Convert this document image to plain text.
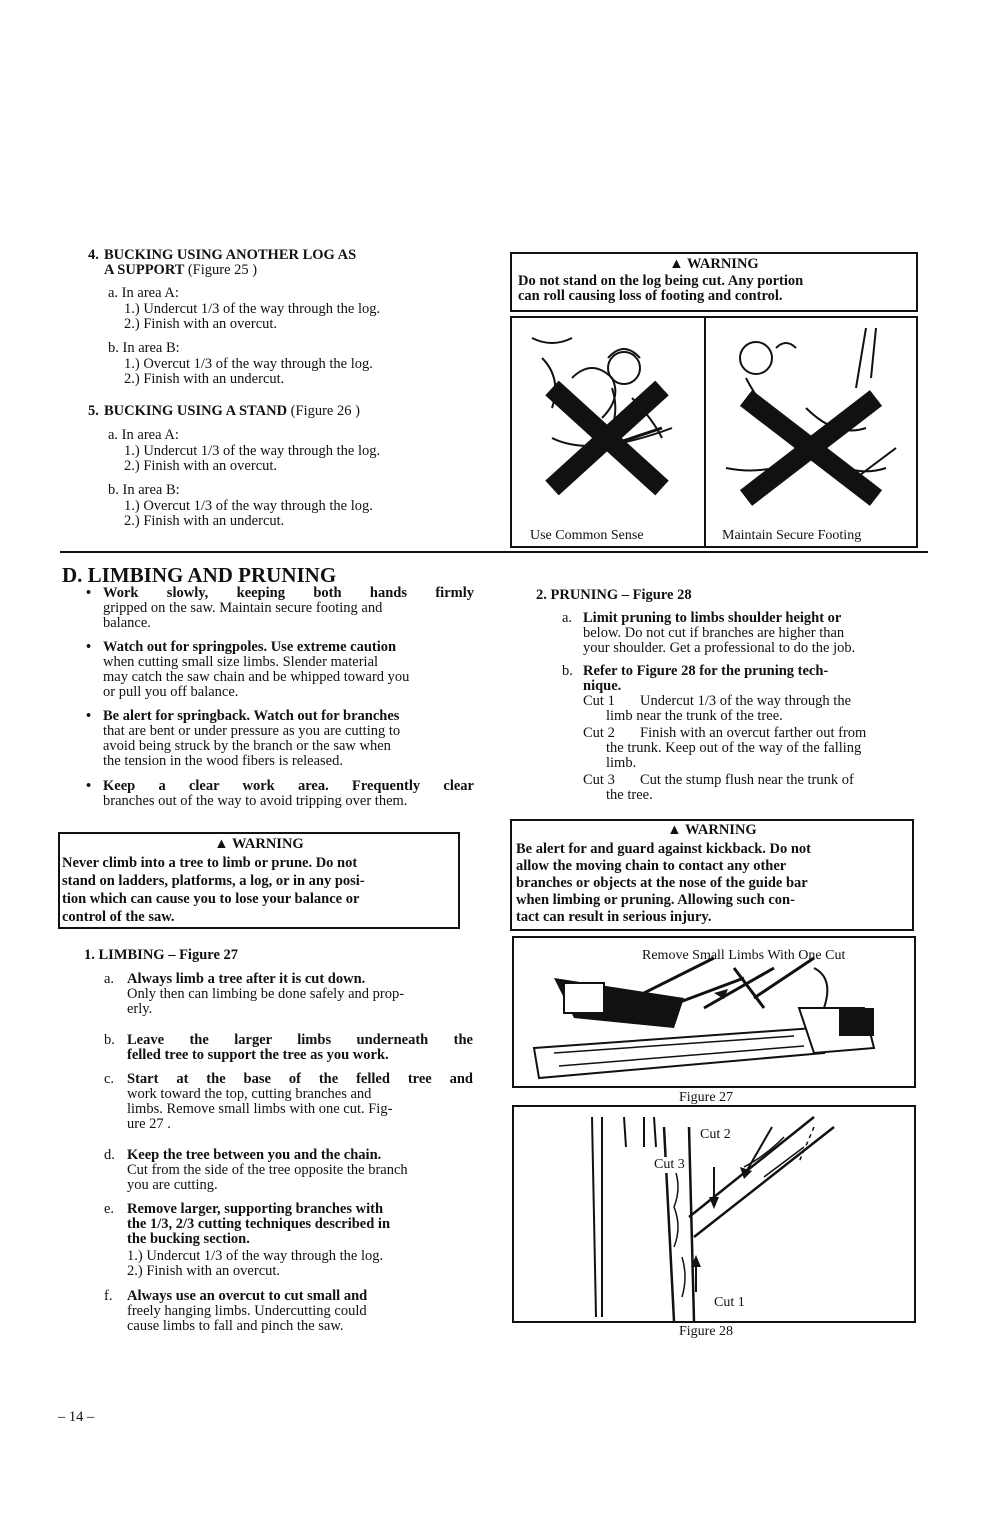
4. BUCKING USING ANOTHER LOG AS
A SUPPORT (Figure 25 )
a. In area A:
1.) Undercut 1/3 of the way through the log.
2.) Finish with an overcut.
b. In area B:
1.) Overcut 1/3 of the way through the log.
2.) Finish with an undercut.
5. BUCKING USING A STAND (Figure 26 )
a. In area A:
1.) Undercut 1/3 of the way through the log.
2.) Finish with an overcut.
b. In area B:
1.) Overcut 1/3 of the way through the log.
2.) Finish with an undercut.
▲ WARNING
Do not stand on the log being cut. Any portion
can roll causing loss of footing and control.
Use Common Sense	Maintain Secure Footing
D. LIMBING AND PRUNING
• Work slowly, keeping both hands firmly
gripped on the saw. Maintain secure footing and
balance.
• Watch out for springpoles. Use extreme caution
when cutting small size limbs. Slender material
may catch the saw chain and be whipped toward you
or pull you off balance.
• Be alert for springback. Watch out for branches
that are bent or under pressure as you are cutting to
avoid being struck by the branch or the saw when
the tension in the wood fibers is released.
• Keep a clear work area. Frequently clear
branches out of the way to avoid tripping over them.
▲ WARNING
Never climb into a tree to limb or prune. Do not
stand on ladders, platforms, a log, or in any posi-
tion which can cause you to lose your balance or
control of the saw.
1. LIMBING – Figure 27
a. Always limb a tree after it is cut down.
Only then can limbing be done safely and prop-
erly.
b. Leave the larger limbs underneath the
felled tree to support the tree as you work.
c. Start at the base of the felled tree and
work toward the top, cutting branches and
limbs. Remove small limbs with one cut. Fig-
ure 27 .
d. Keep the tree between you and the chain.
Cut from the side of the tree opposite the branch
you are cutting.
e. Remove larger, supporting branches with
the 1/3, 2/3 cutting techniques described in
the bucking section.
1.) Undercut 1/3 of the way through the log.
2.) Finish with an overcut.
f. Always use an overcut to cut small and
freely hanging limbs. Undercutting could
cause limbs to fall and pinch the saw.
2. PRUNING – Figure 28
a. Limit pruning to limbs shoulder height or
below. Do not cut if branches are higher than
your shoulder. Get a professional to do the job.
b. Refer to Figure 28 for the pruning tech-
nique.
Cut 1 Undercut 1/3 of the way through the
limb near the trunk of the tree.
Cut 2 Finish with an overcut farther out from
the trunk. Keep out of the way of the falling
limb.
Cut 3 Cut the stump flush near the trunk of
the tree.
▲ WARNING
Be alert for and guard against kickback. Do not
allow the moving chain to contact any other
branches or objects at the nose of the guide bar
when limbing or pruning. Allowing such con-
tact can result in serious injury.
Remove Small Limbs With One Cut
Figure 27
Cut 2
Cut 3
Cut 1
Figure 28
– 14 –
